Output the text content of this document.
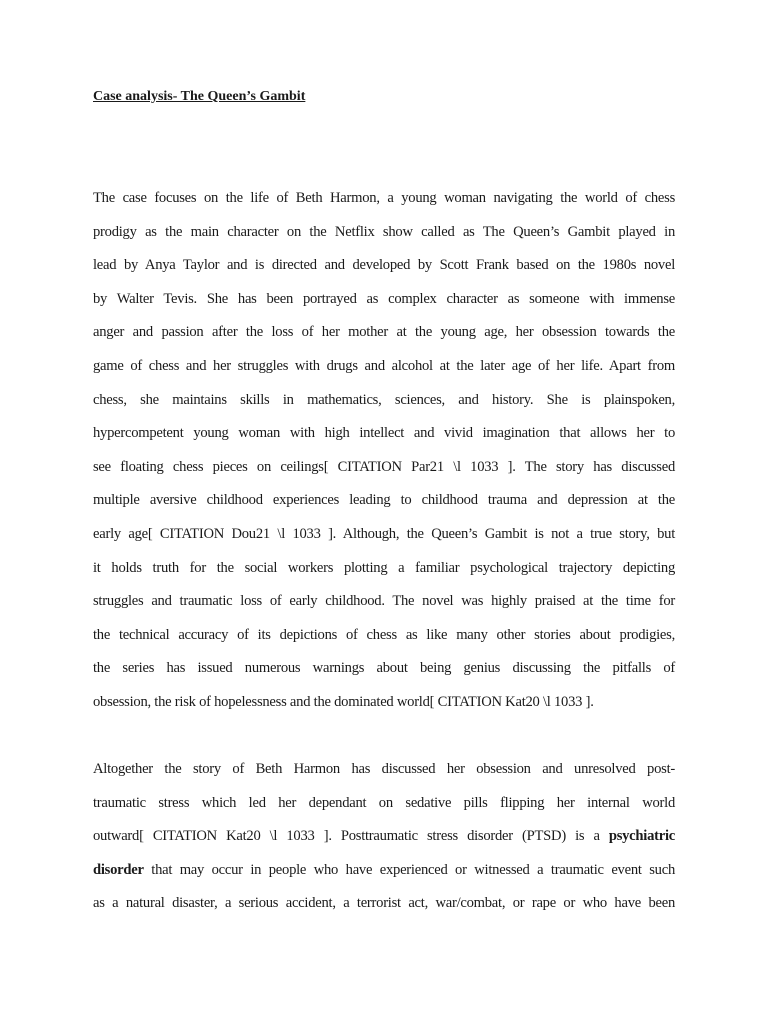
Case analysis- The Queen’s Gambit
The case focuses on the life of Beth Harmon, a young woman navigating the world of chess
prodigy as the main character on the Netflix show called as The Queen’s Gambit played in
lead by Anya Taylor and is directed and developed by Scott Frank based on the 1980s novel
by Walter Tevis. She has been portrayed as complex character as someone with immense
anger and passion after the loss of her mother at the young age, her obsession towards the
game of chess and her struggles with drugs and alcohol at the later age of her life. Apart from
chess, she maintains skills in mathematics, sciences, and history. She is plainspoken,
hypercompetent young woman with high intellect and vivid imagination that allows her to
see floating chess pieces on ceilings[ CITATION Par21 \l 1033 ]. The story has discussed
multiple aversive childhood experiences leading to childhood trauma and depression at the
early age[ CITATION Dou21 \l 1033 ]. Although, the Queen’s Gambit is not a true story, but
it holds truth for the social workers plotting a familiar psychological trajectory depicting
struggles and traumatic loss of early childhood. The novel was highly praised at the time for
the technical accuracy of its depictions of chess as like many other stories about prodigies,
the series has issued numerous warnings about being genius discussing the pitfalls of
obsession, the risk of hopelessness and the dominated world[ CITATION Kat20 \l 1033 ].
Altogether the story of Beth Harmon has discussed her obsession and unresolved post-
traumatic stress which led her dependant on sedative pills flipping her internal world
outward[ CITATION Kat20 \l 1033 ]. Posttraumatic stress disorder (PTSD) is a psychiatric
disorder that may occur in people who have experienced or witnessed a traumatic event such
as a natural disaster, a serious accident, a terrorist act, war/combat, or rape or who have been
